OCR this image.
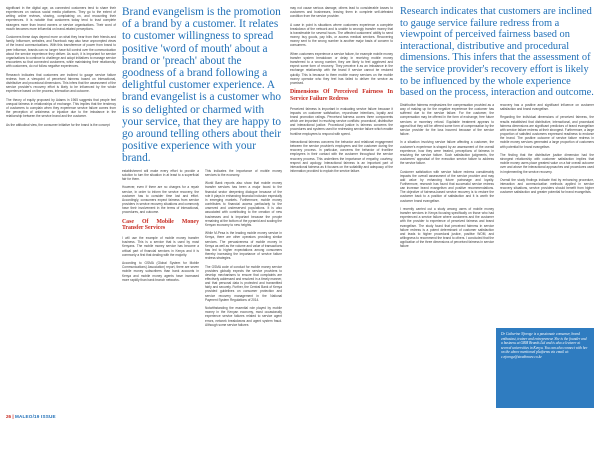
significant in the digital age, as connected customers tend to share their experiences on various social media platforms. They go to the extent of writing online reviews, sharing, complaining on, and recounting their experiences. It is notable that customers today tend to trust complete strangers more than brand owners or service organisations. Their word of mouth becomes more influential on brand-related perceptions.

Customers these days depend more on what they hear from their friends and family. Influencer, websites, and Facebook may also have unprompted views of the brand communications. With this transference of power from brand to peer influence, brands can no longer have full control over the communication about the service experience they deliver. As such, it is important for service organisations to continue to challenge and adopt initiatives to manage service encounters so that connected customers, while maintaining their relationship with customers, do not follow negative experiences.

Research indicates that customers are inclined to gauge service failure redress from a viewpoint of perceived fairness based on interactional, distributive and procedural dimensions. This infers that the assessment of the service provider's recovery effort is likely to be influenced by the whole experience based on the process, interaction and outcome.

The theory of equity proposed by Adams in 1965 suggests that people feel unequal fairness in relationships of exchange. This implies that the tendency of customers to complain when they experience service failure comes from the perception of unfairness or injustice due to the imbalance in the relationship between the service brand and the customer.

As the attitudinal view, the consumer initiative for the brand is the concept

Brand evangelism is the promotion of a brand by a customer. It relates to customer willingness to spread positive 'word of mouth' about a brand or 'preach' about the goodness of a brand following a delightful customer experience. A brand evangelist is a customer who is so delighted or charmed with your service, that they are happy to go around telling others about their positive experience with your brand.

establishment will make every effort to provide a solution to turn the situation in at least to a superficial fair for them.

However, even if there are no charges for a repair service, in order to inform the service recovery, the customer has to consider time lost and effort. Accordingly, consumers expect fairness from service providers in service recovery situations and commonly have their involvement in the terms of interactional, procedures, and outcome.

Case Of Mobile Money Transfer Services

I will use the example of mobile money transfer business. This is a service that is used by most Kenyans. The mobile money service has become a critical part of financial services in Kenya and it is commonly a first that dealing with the majority.

According to GSMA (Global System for Mobile Communications) Association) report, there are seven mobile money subscribers than bank accounts in Kenya and mobile money agents have increased more rapidly than bank branch networks.

This indicates the importance of mobile money services to the economy.

World Bank reports also show that mobile money transfer services has been a major boost to the financial sector deepening dialogue because of the role it plays in enhancing financial inclusion especially in emerging markets. Furthermore, mobile money contributes to financial access particularly to the unserved and underserved populations. It is also associated with contributing to the creation of new businesses and is important because the people remaining at the bottom of the pyramid and scaling the Kenyan economy to new heights.

While M-Pesa is the leading mobile money service in Kenya, there are other operators providing similar services. The pervasiveness of mobile money in Kenya as well as the volume and value of transactions has led to higher expectations among consumers thereby increasing the importance of service failure redress strategies.

The GSMA code of conduct for mobile money service providers globally expects the service providers to develop mechanisms to ensure that complaints are effectively addressed and resolved in a timely manner, and that personal data is protected and transmitted fairly and securely. Further, the Central Bank of Kenya provided guidelines on consumer protection and service recovery management in the National Payment System Regulations of 2014.

Notwithstanding the essential role played by mobile money in the Kenyan economy, most occasionally experience service failures related to service agent errors, network breakdowns and agent system fraud. Although some service failures

may not cause serious damage, others lead to considerable losses to customers and businesses, leaving them in complete self-defeated condition from the service provider.

A case in point is situations where customers experience a complete breakdown of the network and is unable to wrongly transfer money that is transferable for several hours. The affected customers' ability to send money, buy goods, pay bills, or access medical services. Recovering money sent to the wrong number is another major basis of concern to consumers.

When customers experience a service failure, for example mobile money transfer system breakdown or delay in receiving mobile money transferred to a wrong number, they are likely to feel aggrieved and expect some form of recovery. They perceive it as an imbalance in the exchange relationship with the brand if service cannot be restored quickly. This is because to them mobile money services on the mobile money operator who they feel has failed to deliver the service as promised.

Dimensions Of Perceived Fairness In Service Failure Redress

Perceived fairness is important in evaluating service failure because it impacts on customer satisfaction, repurchase intentions, loyalty and brand promotion ratings. Perceived fairness covers three components which are important in resolving service conflicts: procedural, distributive and interactional justice. Procedural justice is fairness concerns the procedures and systems used for redressing service failure which enable frontline employees to respond with speed.

Interactional fairness concerns the behavior and relational engagement between the service provider's employees and the customer during the recovery process. In particular, concerns the behavior of frontline employees in their contact with the customer throughout the service recovery process. This underlines the importance of empathy, courtesy, respect and apology. Interactional fairness is an important part of interactional fairness as it focuses on the suitability and adequacy of the information provided to explain the service failure.

Research indicates that customers are inclined to gauge service failure redress from a viewpoint of perceived fairness based on interactional, distributive and procedural dimensions. This infers that the assessment of the service provider's recovery effort is likely to be influenced by the whole experience based on the process, interaction and outcome.

Distributive fairness emphasizes the compensation provided as a way of making up for the negative experience the customer has suffered due to the service failure. For the customer, the compensation may be offered in the form of exchange, free future services or monetary refund. Equitable treatment appears to appeal that they will be offered some form of compensation by the service provider for the loss incurred because of the service failure.

In a situation involving service failure affecting a customer, the customer's experience is shaped by an assessment of the overall experience, how they were treated, perceptions of fairness in resolving the service failure. Such satisfaction judgments, the customers' appraisal of the execution service failure to address the service failure.

Customer satisfaction with service failure redress considerably impacts the overall assessment of the service provider and may add value by enhancing future patronage and loyalty. Furthermore, research has found that successful service redress can increase brand evangelism and positive recommendations. The objective of fairness-based service recovery is to restore the customer back to a position of satisfaction and it is worth the customer brand evangelism.

I recently carried out a study among users of mobile money transfer services in Kenya focusing specifically on those who had experienced a service failure where customers and the customer with the provider to experience of perceived fairness and brand evangelism. The study found that perceived fairness in service failure redress is a potent determinant of customer satisfaction and leads to higher procedural justice, positive WOM, and willingness to recommend the brand to others. I concluded that the application of the three dimensions of perceived fairness in service failure

recovery has a positive and significant influence on customer satisfaction and brand evangelism.

Regarding the individual dimensions of perceived fairness, the results established that distributive, interactional, and procedural fairness dimensions are significant predictors of brand evangelism with service failure redress at their strongest. Furthermore, a large proportion of satisfied customers expressed readiness to endorse the brand. The positive outcome of service failure redress in mobile money services generated a large proportion of customers with potential for brand evangelism.

The finding that the distributive justice dimension had the strongest relationship with customer satisfaction implies that mobile money users place greatest value on a fair overall outcome over and above the interactional approaches and procedures used in implementing the service recovery.

Overall the study findings indicate that by enhancing procedure, interaction and communication methods applied in service recovery situations, service providers should benefit from higher customer satisfaction and greater potential for brand evangelists.

Dr Catherine Njoroge is a passionate consumer, brand enthusiast, trainer and entrepreneur. She is the founder and a business at GBM Brands Ltd and is also a lecturer at several universities in Kenya. You can also connect with her on the above mentioned platforms via email at: c.njoroge@strathmore.co.ke
26 | MALEO/19 ISSUE
